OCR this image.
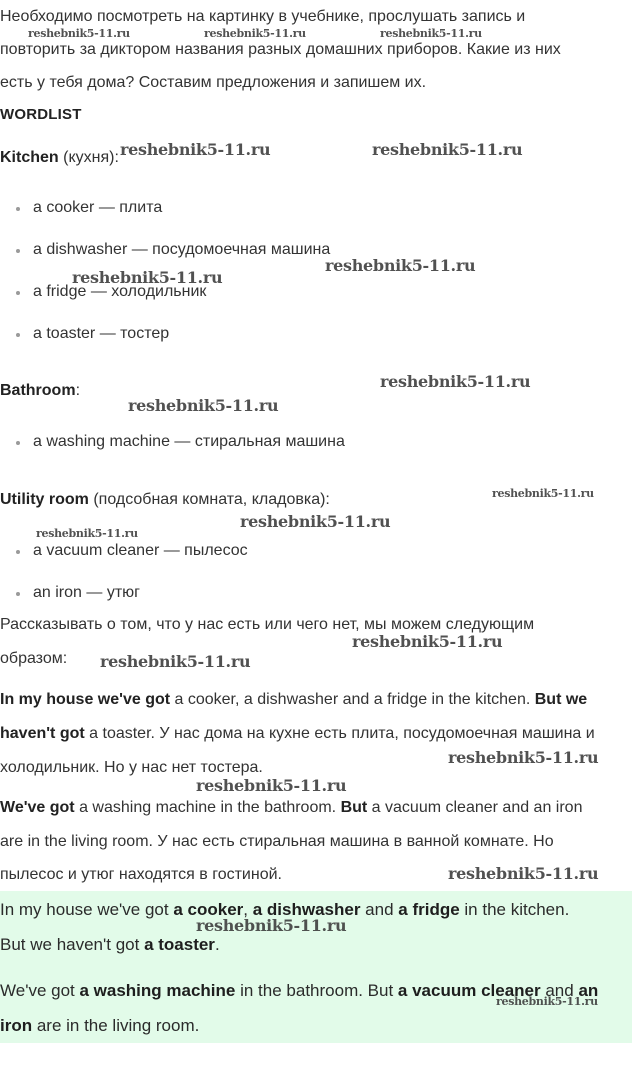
Необходимо посмотреть на картинку в учебнике, прослушать запись и
повторить за диктором названия разных домашних приборов. Какие из них
есть у тебя дома? Составим предложения и запишем их.
WORDLIST
Kitchen (кухня):
a cooker — плита
a dishwasher — посудомоечная машина
a fridge — холодильник
a toaster — тостер
Bathroom:
a washing machine — стиральная машина
Utility room (подсобная комната, кладовка):
a vacuum cleaner — пылесос
an iron — утюг
Рассказывать о том, что у нас есть или чего нет, мы можем следующим
образом:
In my house we've got a cooker, a dishwasher and a fridge in the kitchen. But we
haven't got a toaster. У нас дома на кухне есть плита, посудомоечная машина и
холодильник. Но у нас нет тостера.
We've got a washing machine in the bathroom. But a vacuum cleaner and an iron
are in the living room. У нас есть стиральная машина в ванной комнате. Но
пылесос и утюг находятся в гостиной.
In my house we've got a cooker, a dishwasher and a fridge in the kitchen.
But we haven't got a toaster.
We've got a washing machine in the bathroom. But a vacuum cleaner and an
iron are in the living room.
reshebnik5-11.ru	reshebnik5-11.ru	reshebnik5-11.ru
reshebnik5-11.ru	reshebnik5-11.ru
reshebnik5-11.ru
reshebnik5-11.ru
reshebnik5-11.ru
reshebnik5-11.ru
reshebnik5-11.ru
reshebnik5-11.ru
reshebnik5-11.ru
reshebnik5-11.ru
reshebnik5-11.ru
reshebnik5-11.ru
reshebnik5-11.ru
reshebnik5-11.ru
reshebnik5-11.ru
reshebnik5-11.ru
